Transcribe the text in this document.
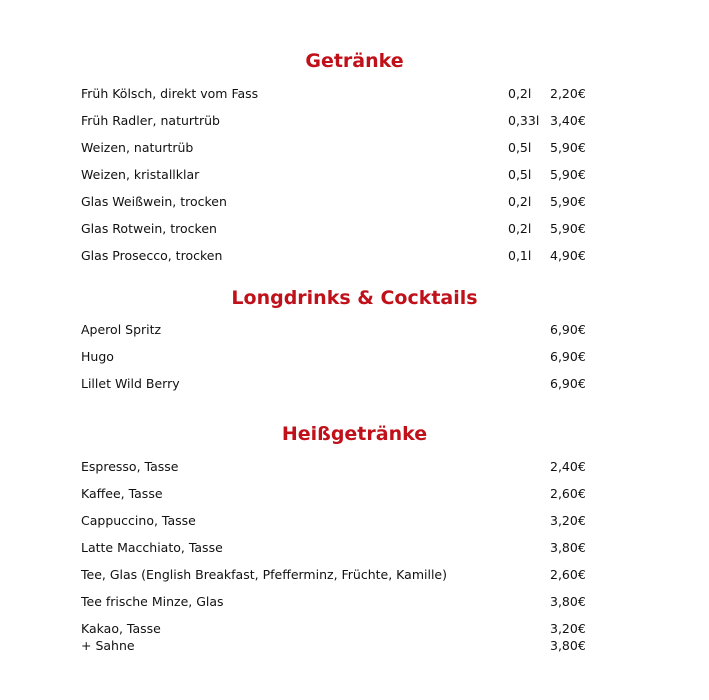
Getränke
Früh Kölsch, direkt vom Fass	0,2l 2,20€
Früh Radler, naturtrüb	0,33l 3,40€
Weizen, naturtrüb	0,5l 5,90€
Weizen, kristallklar	0,5l 5,90€
Glas Weißwein, trocken	0,2l 5,90€
Glas Rotwein, trocken	0,2l 5,90€
Glas Prosecco, trocken	0,1l 4,90€
Longdrinks & Cocktails
Aperol Spritz	6,90€
Hugo	6,90€
Lillet Wild Berry	6,90€
Heißgetränke
Espresso, Tasse	2,40€
Kaffee, Tasse	2,60€
Cappuccino, Tasse	3,20€
Latte Macchiato, Tasse	3,80€
Tee, Glas (English Breakfast, Pfefferminz, Früchte, Kamille)	2,60€
Tee frische Minze, Glas	3,80€
Kakao, Tasse	3,20€
+ Sahne	3,80€
